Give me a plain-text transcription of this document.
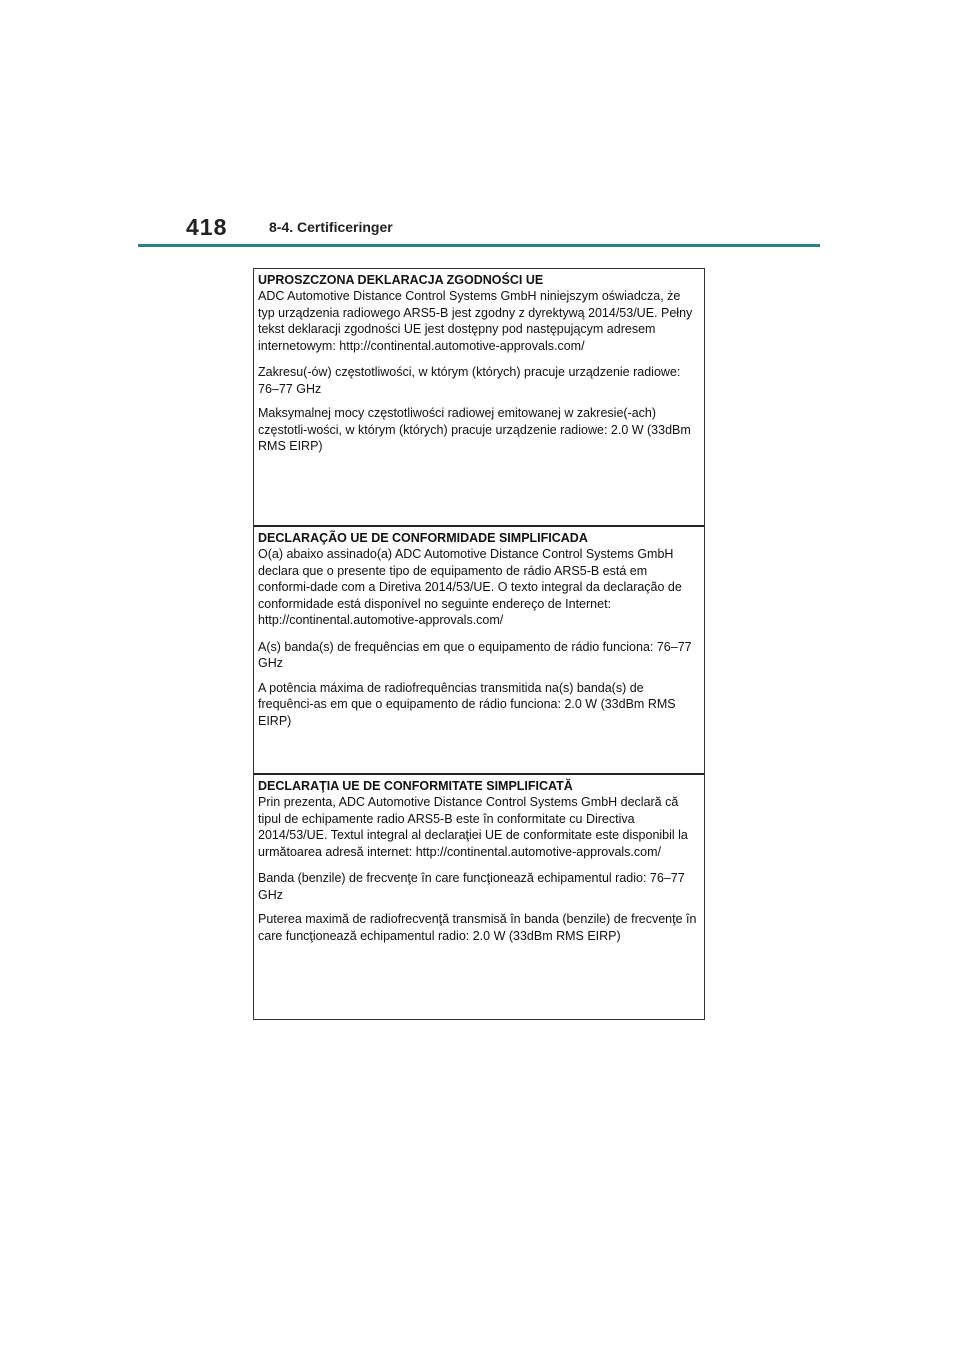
418	8-4. Certificeringer

UPROSZCZONA DEKLARACJA ZGODNOŚCI UE

ADC Automotive Distance Control Systems GmbH niniejszym oświadcza, że typ urządzenia radiowego ARS5-B jest zgodny z dyrektywą 2014/53/UE. Pełny tekst deklaracji zgodności UE jest dostępny pod następującym adresem internetowym: http://continental.automotive-approvals.com/

Zakresu(-ów) częstotliwości, w którym (których) pracuje urządzenie radiowe: 76–77 GHz

Maksymalnej mocy częstotliwości radiowej emitowanej w zakresie(-ach) częstotli-wości, w którym (których) pracuje urządzenie radiowe: 2.0 W (33dBm RMS EIRP)

DECLARAÇÃO UE DE CONFORMIDADE SIMPLIFICADA

O(a) abaixo assinado(a) ADC Automotive Distance Control Systems GmbH declara que o presente tipo de equipamento de rádio ARS5-B está em conformi-dade com a Diretiva 2014/53/UE. O texto integral da declaração de conformidade está disponível no seguinte endereço de Internet: http://continental.automotive-approvals.com/

A(s) banda(s) de frequências em que o equipamento de rádio funciona: 76–77 GHz

A potência máxima de radiofrequências transmitida na(s) banda(s) de frequênci-as em que o equipamento de rádio funciona: 2.0 W (33dBm RMS EIRP)

DECLARAŢIA UE DE CONFORMITATE SIMPLIFICATĂ

Prin prezenta, ADC Automotive Distance Control Systems GmbH declară că tipul de echipamente radio ARS5-B este în conformitate cu Directiva 2014/53/UE. Textul integral al declaraţiei UE de conformitate este disponibil la următoarea adresă internet: http://continental.automotive-approvals.com/

Banda (benzile) de frecvenţe în care funcţionează echipamentul radio: 76–77 GHz

Puterea maximă de radiofrecvenţă transmisă în banda (benzile) de frecvenţe în care funcţionează echipamentul radio: 2.0 W (33dBm RMS EIRP)
